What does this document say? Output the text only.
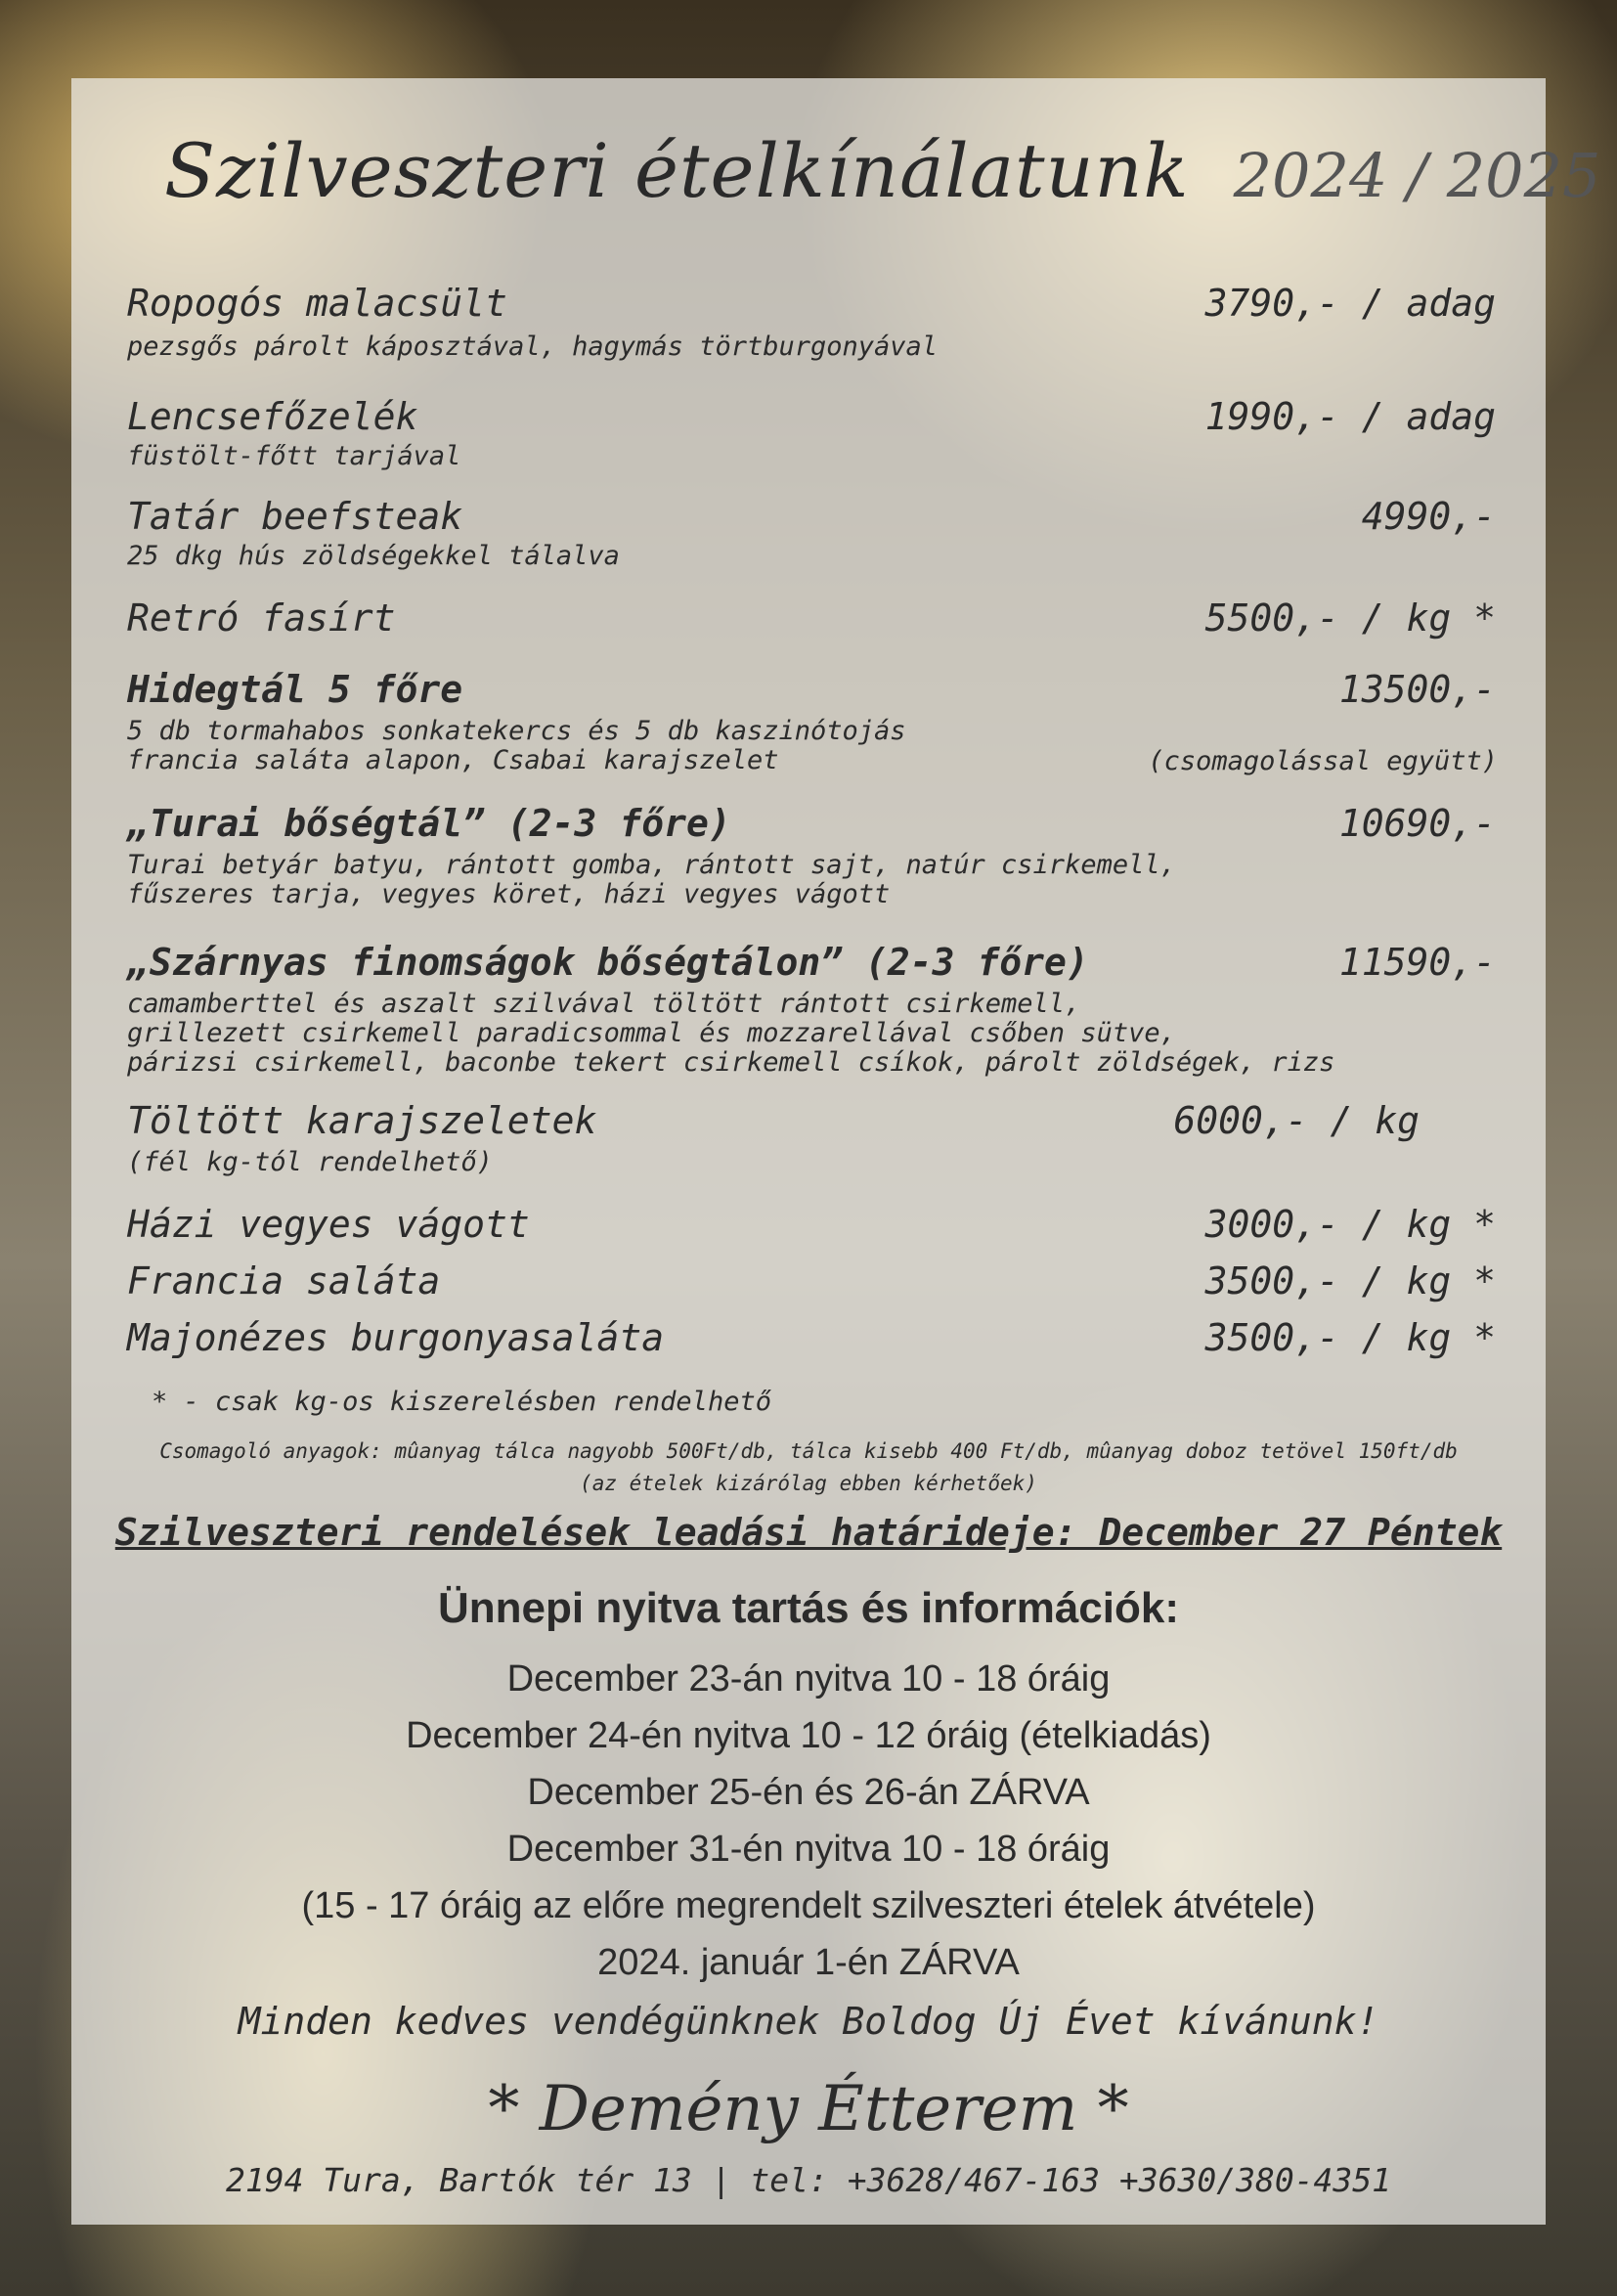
Szilveszteri ételkínálatunk 2024 / 2025
Ropogós malacsült	3790,- / adag
pezsgős párolt káposztával, hagymás törtburgonyával
Lencsefőzelék	1990,- / adag
füstölt-főtt tarjával
Tatár beefsteak	4990,-
25 dkg hús zöldségekkel tálalva
Retró fasírt	5500,- / kg *
Hidegtál 5 főre	13500,-
5 db tormahabos sonkatekercs és 5 db kaszinótojás
francia saláta alapon, Csabai karajszelet	(csomagolással együtt)
„Turai bőségtál” (2-3 főre)	10690,-
Turai betyár batyu, rántott gomba, rántott sajt, natúr csirkemell,
fűszeres tarja, vegyes köret, házi vegyes vágott
„Szárnyas finomságok bőségtálon” (2-3 főre)	11590,-
camamberttel és aszalt szilvával töltött rántott csirkemell,
grillezett csirkemell paradicsommal és mozzarellával csőben sütve,
párizsi csirkemell, baconbe tekert csirkemell csíkok, párolt zöldségek, rizs
Töltött karajszeletek	6000,- / kg
(fél kg-tól rendelhető)
Házi vegyes vágott	3000,- / kg *
Francia saláta	3500,- / kg *
Majonézes burgonyasaláta	3500,- / kg *
* - csak kg-os kiszerelésben rendelhető
Csomagoló anyagok: mûanyag tálca nagyobb 500Ft/db, tálca kisebb 400 Ft/db, mûanyag doboz tetövel 150ft/db
(az ételek kizárólag ebben kérhetőek)
Szilveszteri rendelések leadási határideje: December 27 Péntek
Ünnepi nyitva tartás és információk:
December 23-án nyitva 10 - 18 óráig
December 24-én nyitva 10 - 12 óráig (ételkiadás)
December 25-én és 26-án ZÁRVA
December 31-én nyitva 10 - 18 óráig
(15 - 17 óráig az előre megrendelt szilveszteri ételek átvétele)
2024. január 1-én ZÁRVA
Minden kedves vendégünknek Boldog Új Évet kívánunk!
* Demény Étterem *
2194 Tura, Bartók tér 13 | tel: +3628/467-163 +3630/380-4351
